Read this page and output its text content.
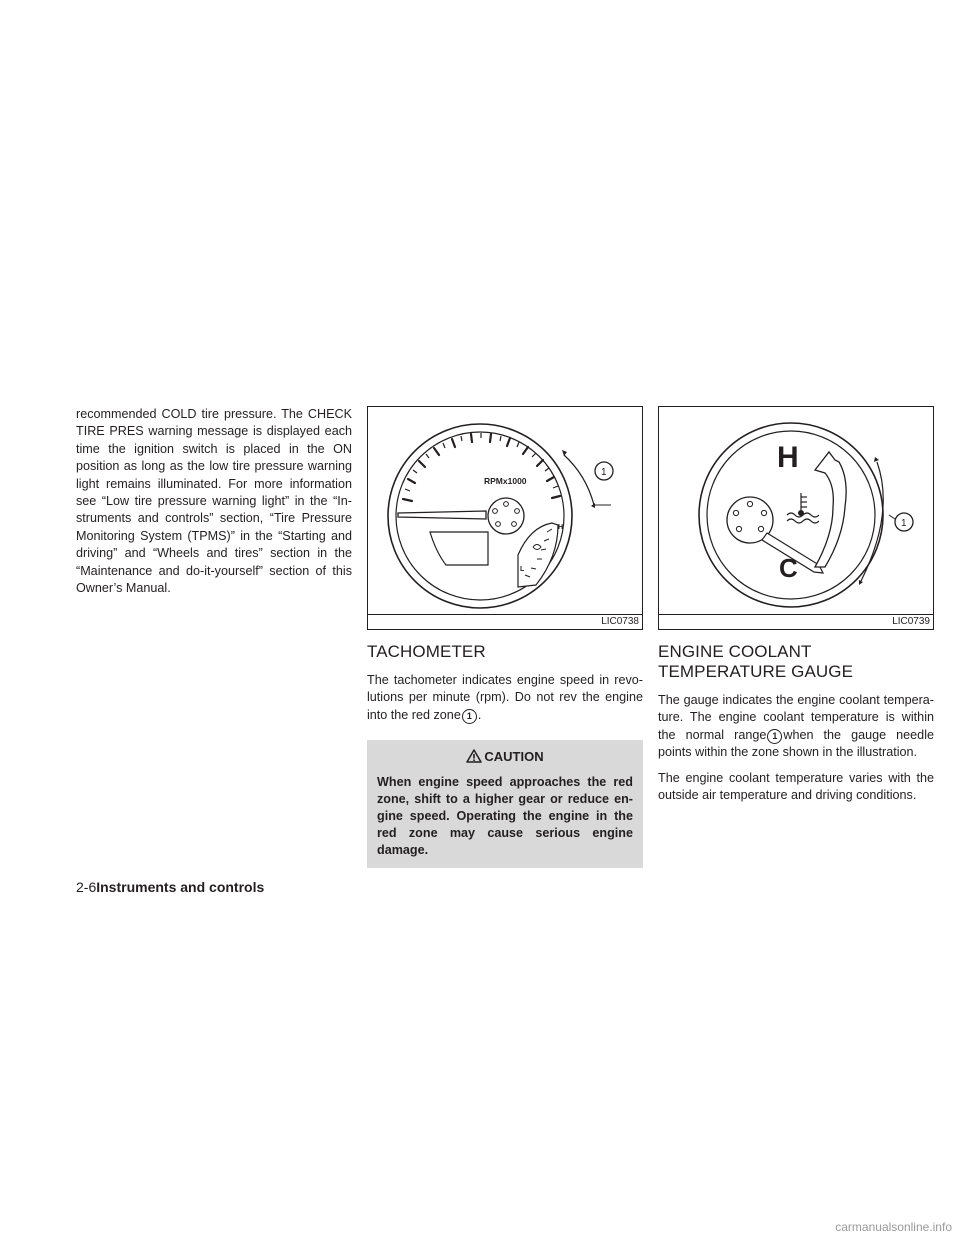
recommended COLD tire pressure. The CHECK TIRE PRES warning message is displayed each time the ignition switch is placed in the ON position as long as the low tire pressure warning light remains illuminated. For more information see “Low tire pressure warning light” in the “Instruments and controls” section, “Tire Pressure Monitoring System (TPMS)” in the “Starting and driving” and “Wheels and tires” section in the “Maintenance and do-it-yourself” section of this Owner’s Manual.

RPMx1000
H
L
1
LIC0738
TACHOMETER

The tachometer indicates engine speed in revolutions per minute (rpm). Do not rev the engine into the red zone 1 .

CAUTION

When engine speed approaches the red zone, shift to a higher gear or reduce engine speed. Operating the engine in the red zone may cause serious engine damage.

H
C
1
LIC0739
ENGINE COOLANT TEMPERATURE GAUGE

The gauge indicates the engine coolant temperature. The engine coolant temperature is within the normal range 1 when the gauge needle points within the zone shown in the illustration.

The engine coolant temperature varies with the outside air temperature and driving conditions.

2-6Instruments and controls
carmanualsonline.info
